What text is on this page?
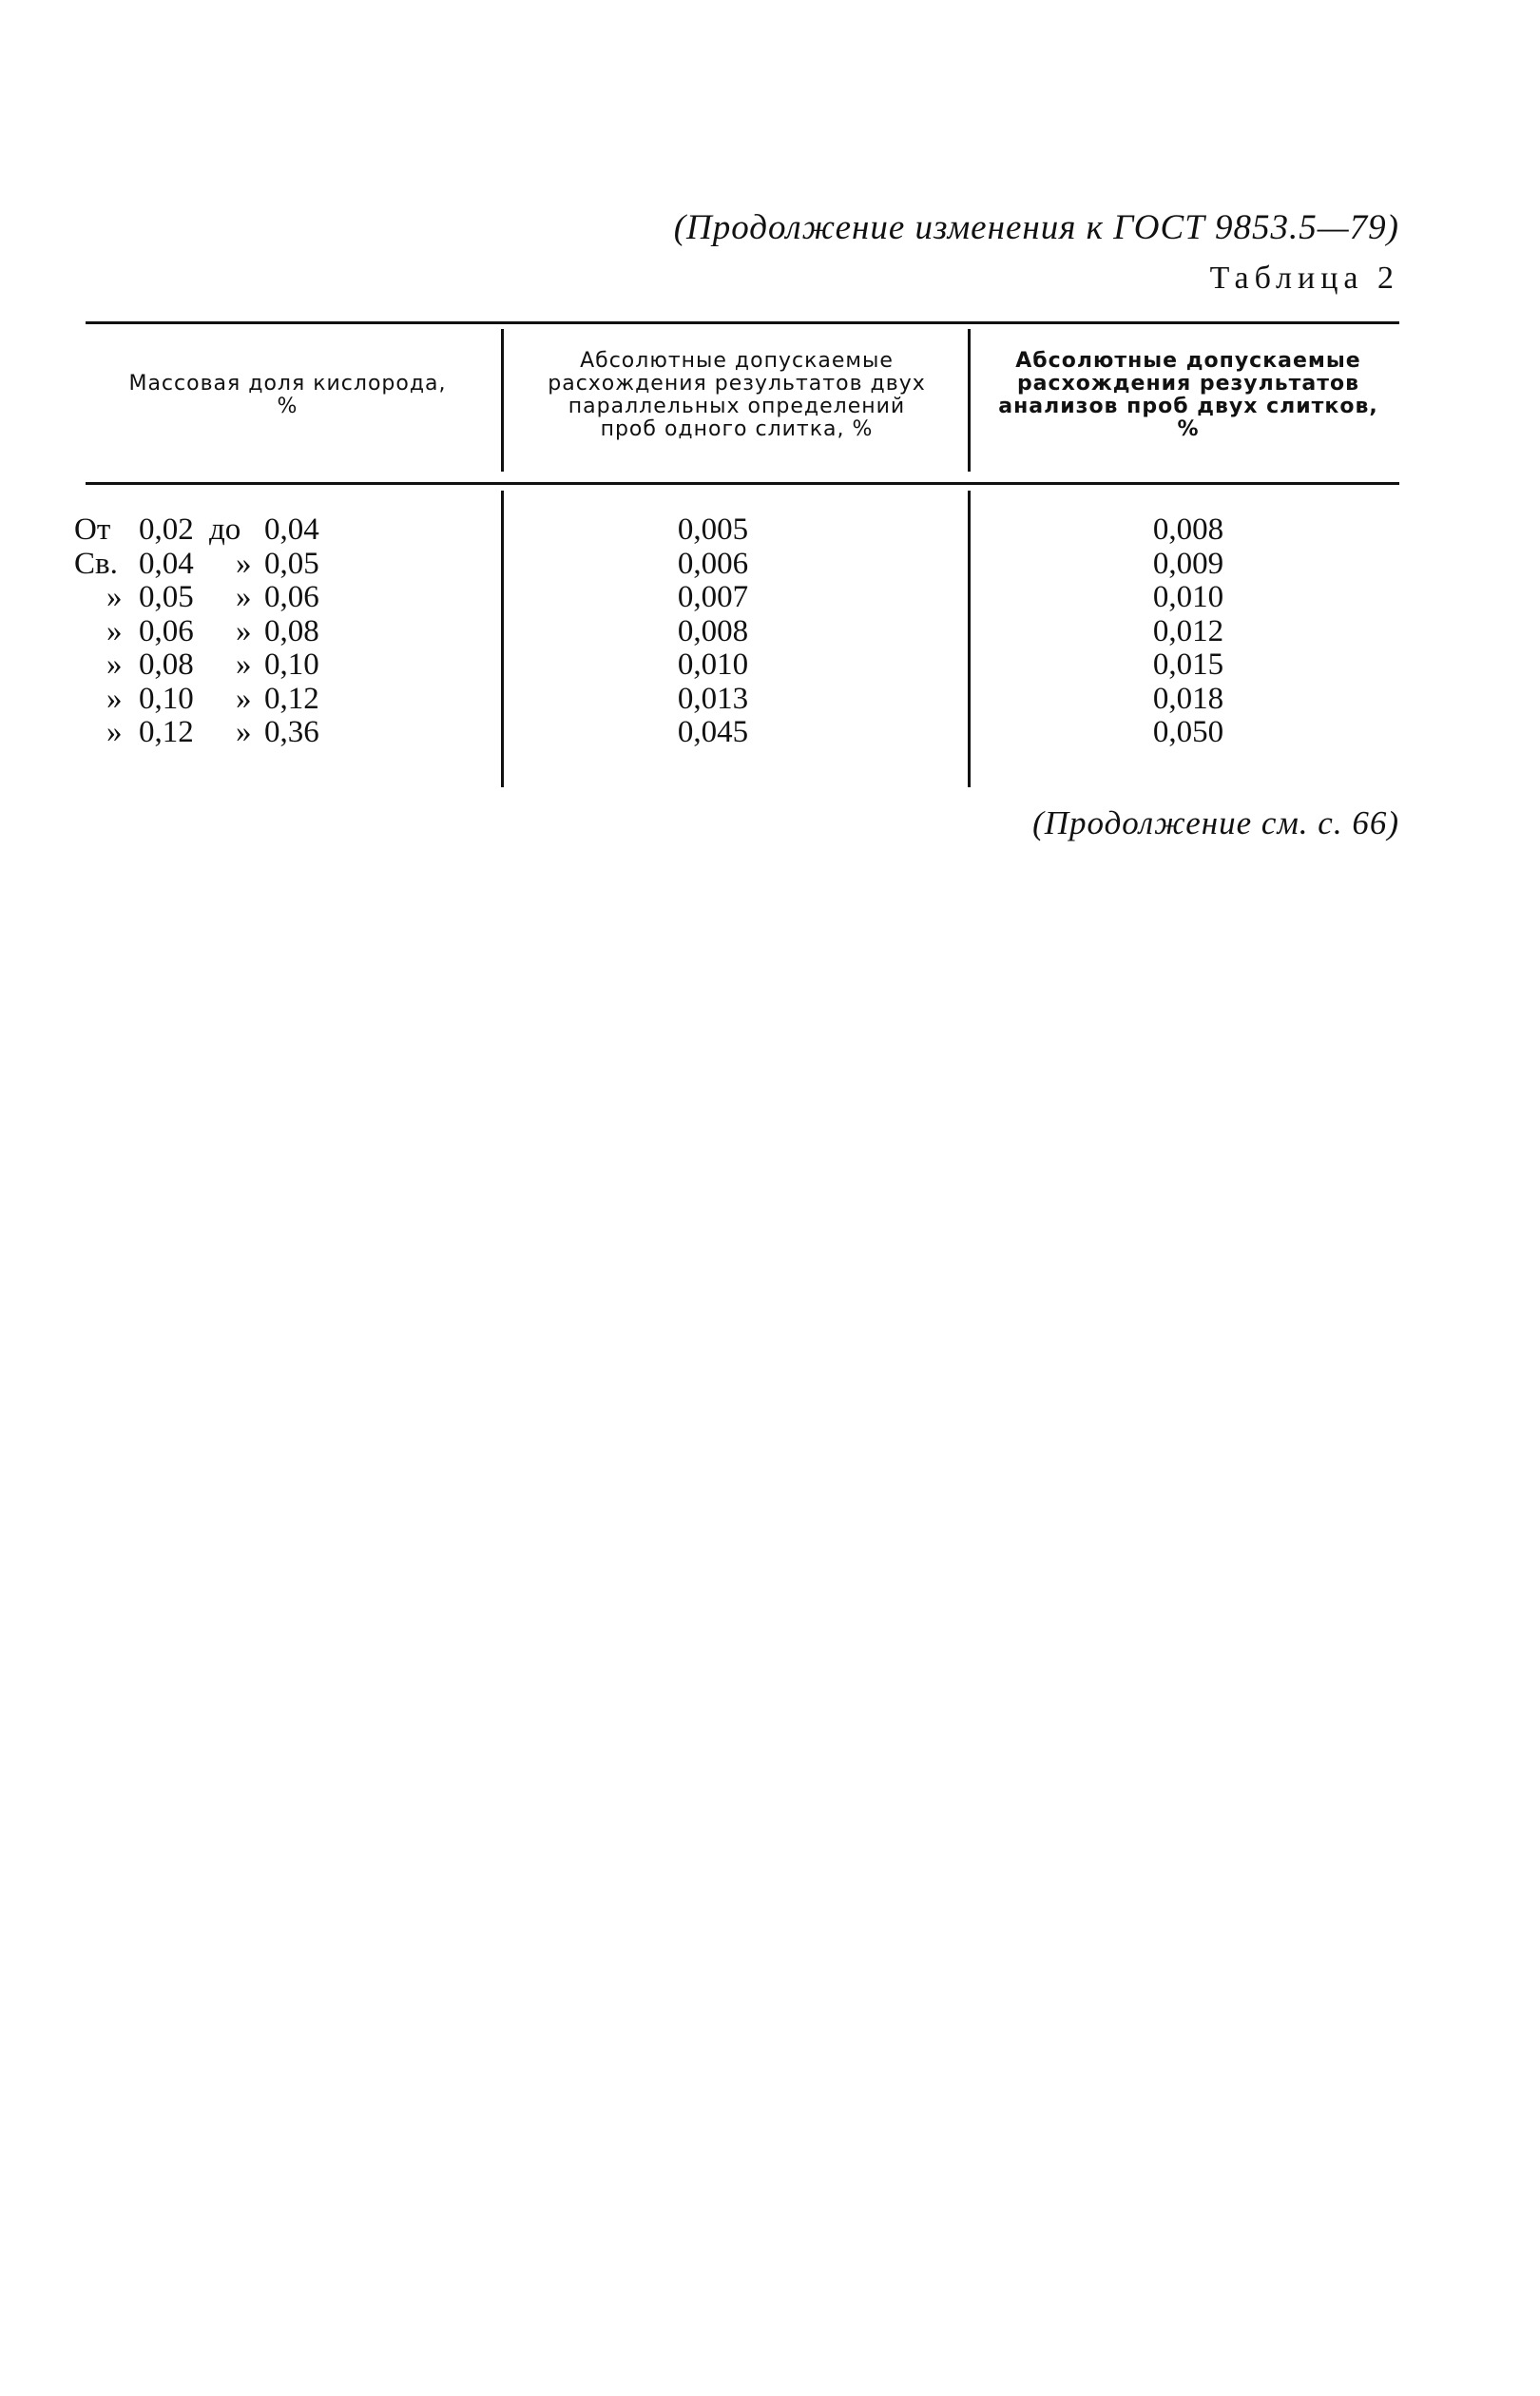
(Продолжение изменения к ГОСТ 9853.5—79)
Таблица 2
Массовая доля кислорода,
%
Абсолютные допускаемые
расхождения результатов двух
параллельных определений
проб одного слитка, %
Абсолютные допускаемые
расхождения результатов
анализов проб двух слитков,
%
От 0,02 до 0,04
Св. 0,04 » 0,05
» 0,05 » 0,06
» 0,06 » 0,08
» 0,08 » 0,10
» 0,10 » 0,12
» 0,12 » 0,36
0,005
0,006
0,007
0,008
0,010
0,013
0,045
0,008
0,009
0,010
0,012
0,015
0,018
0,050
(Продолжение см. с. 66)
